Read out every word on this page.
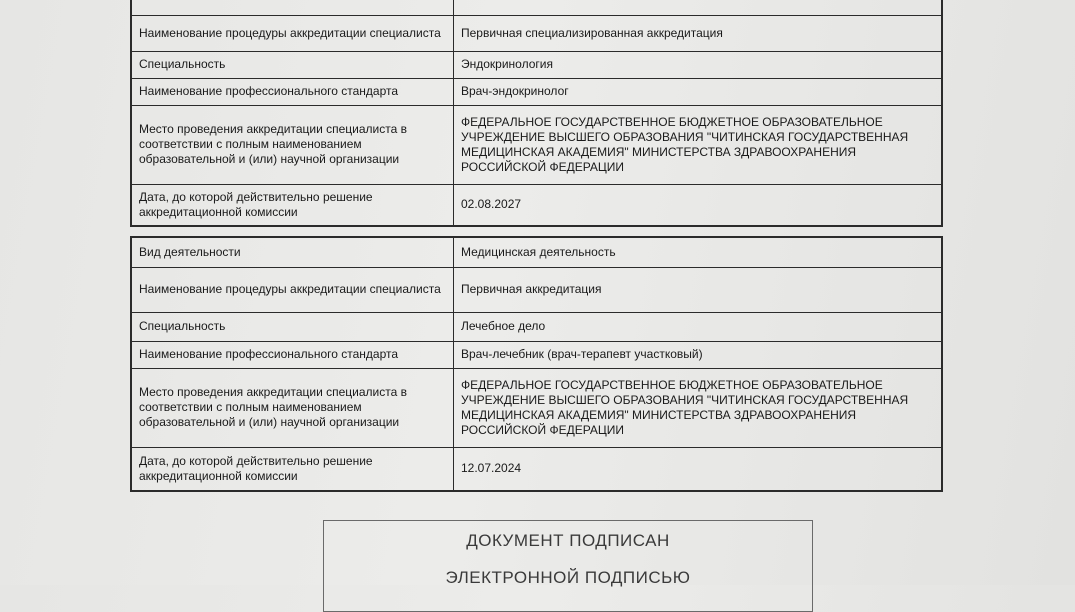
Наименование процедуры аккредитации специалиста	Первичная специализированная аккредитация
Специальность	Эндокринология
Наименование профессионального стандарта	Врач-эндокринолог
Место проведения аккредитации специалиста в соответствии с полным наименованием образовательной и (или) научной организации	ФЕДЕРАЛЬНОЕ ГОСУДАРСТВЕННОЕ БЮДЖЕТНОЕ ОБРАЗОВАТЕЛЬНОЕ УЧРЕЖДЕНИЕ ВЫСШЕГО ОБРАЗОВАНИЯ "ЧИТИНСКАЯ ГОСУДАРСТВЕННАЯ МЕДИЦИНСКАЯ АКАДЕМИЯ" МИНИСТЕРСТВА ЗДРАВООХРАНЕНИЯ РОССИЙСКОЙ ФЕДЕРАЦИИ
Дата, до которой действительно решение аккредитационной комиссии	02.08.2027
Вид деятельности	Медицинская деятельность
Наименование процедуры аккредитации специалиста	Первичная аккредитация
Специальность	Лечебное дело
Наименование профессионального стандарта	Врач-лечебник (врач-терапевт участковый)
Место проведения аккредитации специалиста в соответствии с полным наименованием образовательной и (или) научной организации	ФЕДЕРАЛЬНОЕ ГОСУДАРСТВЕННОЕ БЮДЖЕТНОЕ ОБРАЗОВАТЕЛЬНОЕ УЧРЕЖДЕНИЕ ВЫСШЕГО ОБРАЗОВАНИЯ "ЧИТИНСКАЯ ГОСУДАРСТВЕННАЯ МЕДИЦИНСКАЯ АКАДЕМИЯ" МИНИСТЕРСТВА ЗДРАВООХРАНЕНИЯ РОССИЙСКОЙ ФЕДЕРАЦИИ
Дата, до которой действительно решение аккредитационной комиссии	12.07.2024
ДОКУМЕНТ ПОДПИСАН
ЭЛЕКТРОННОЙ ПОДПИСЬЮ
